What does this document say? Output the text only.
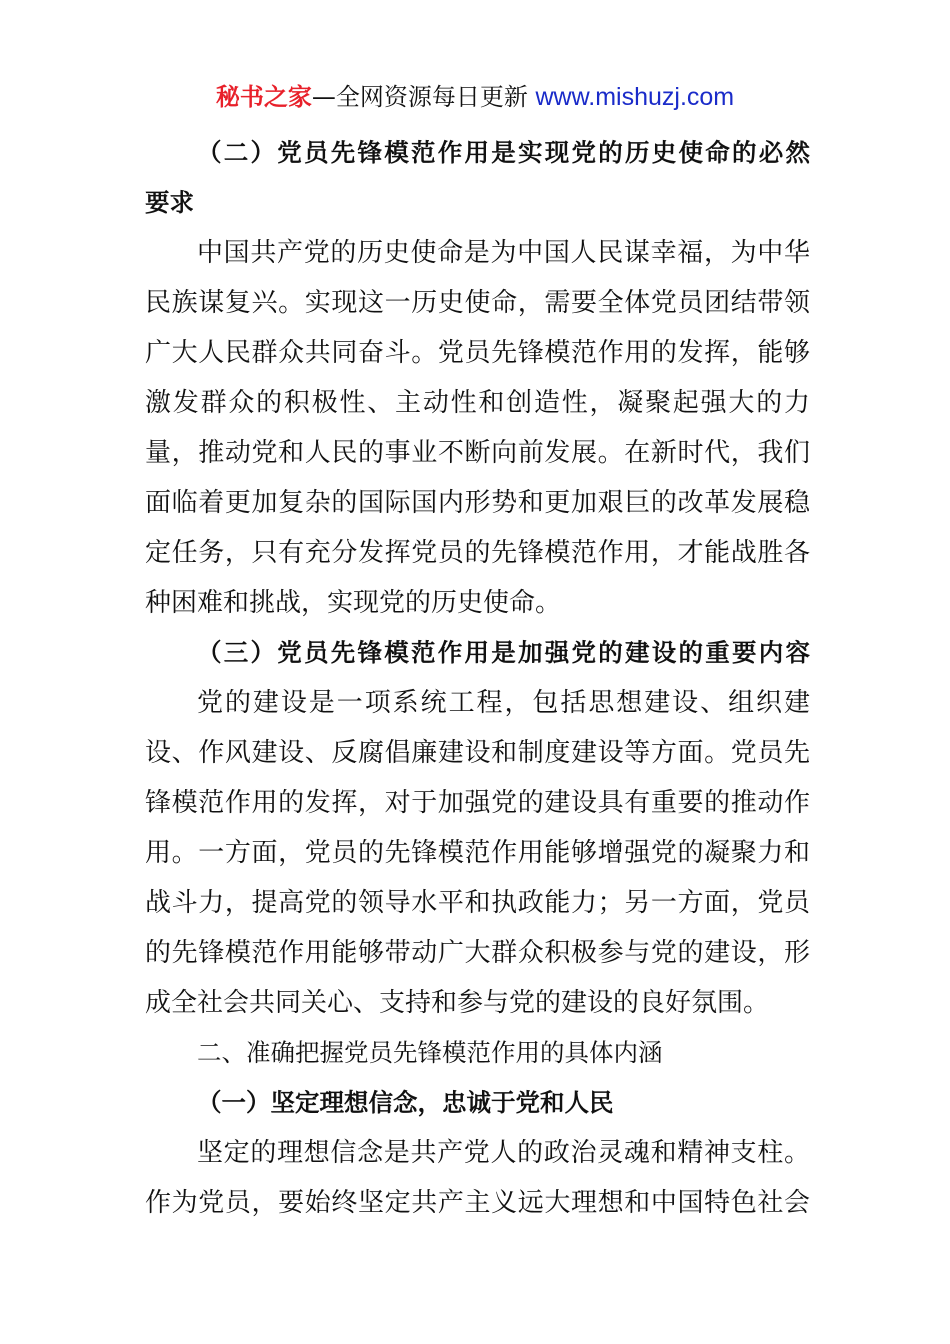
秘书之家—全网资源每日更新 www.mishuzj.com
（二）党员先锋模范作用是实现党的历史使命的必然
要求
中国共产党的历史使命是为中国人民谋幸福，为中华
民族谋复兴。实现这一历史使命，需要全体党员团结带领
广大人民群众共同奋斗。党员先锋模范作用的发挥，能够
激发群众的积极性、主动性和创造性，凝聚起强大的力
量，推动党和人民的事业不断向前发展。在新时代，我们
面临着更加复杂的国际国内形势和更加艰巨的改革发展稳
定任务，只有充分发挥党员的先锋模范作用，才能战胜各
种困难和挑战，实现党的历史使命。
（三）党员先锋模范作用是加强党的建设的重要内容
党的建设是一项系统工程，包括思想建设、组织建
设、作风建设、反腐倡廉建设和制度建设等方面。党员先
锋模范作用的发挥，对于加强党的建设具有重要的推动作
用。一方面，党员的先锋模范作用能够增强党的凝聚力和
战斗力，提高党的领导水平和执政能力；另一方面，党员
的先锋模范作用能够带动广大群众积极参与党的建设，形
成全社会共同关心、支持和参与党的建设的良好氛围。
二、准确把握党员先锋模范作用的具体内涵
（一）坚定理想信念，忠诚于党和人民
坚定的理想信念是共产党人的政治灵魂和精神支柱。
作为党员，要始终坚定共产主义远大理想和中国特色社会
